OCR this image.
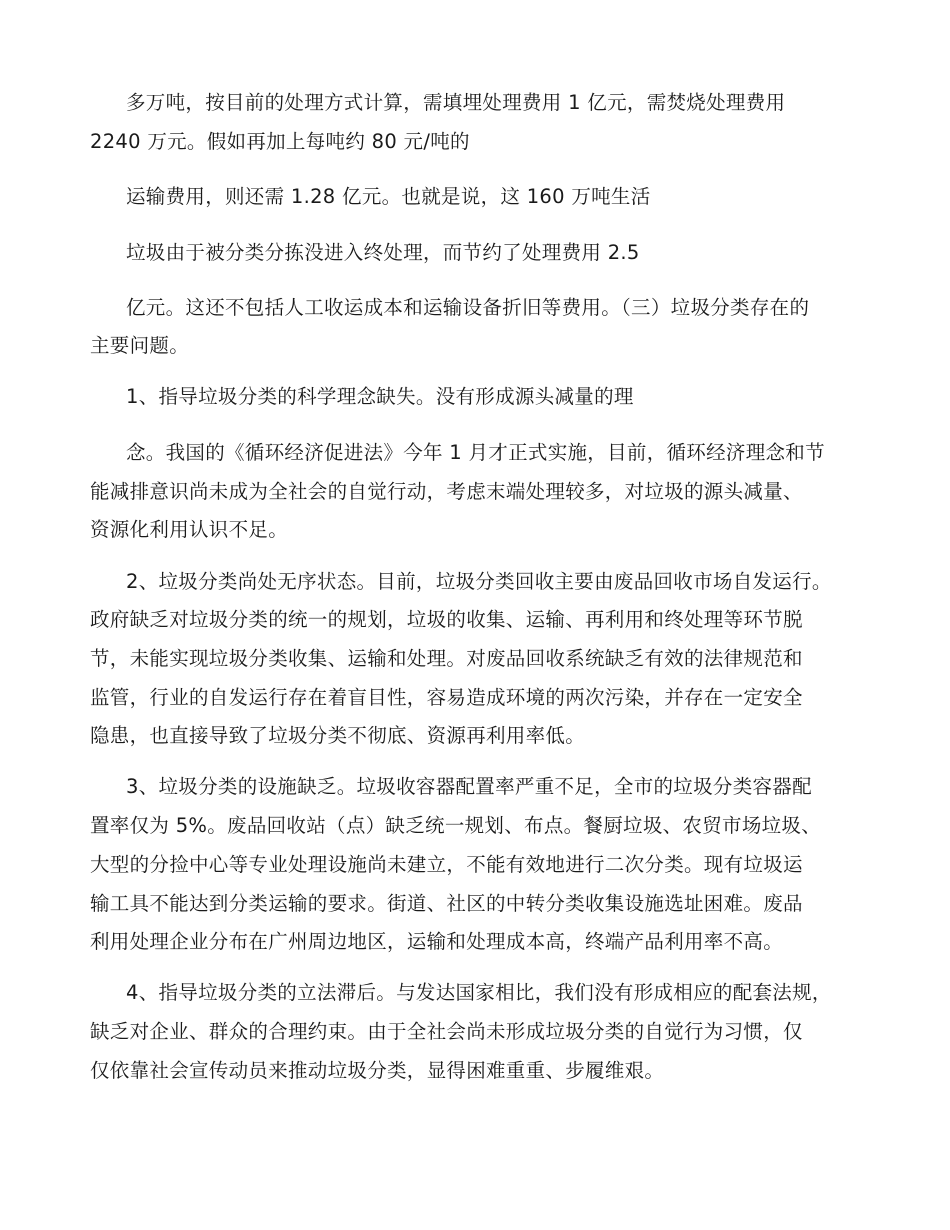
多万吨，按目前的处理方式计算，需填埋处理费用 1 亿元，需焚烧处理费用
2240 万元。假如再加上每吨约 80 元/吨的
运输费用，则还需 1.28 亿元。也就是说，这 160 万吨生活
垃圾由于被分类分拣没进入终处理，而节约了处理费用 2.5
亿元。这还不包括人工收运成本和运输设备折旧等费用。（三）垃圾分类存在的
主要问题。
1、指导垃圾分类的科学理念缺失。没有形成源头减量的理
念。我国的《循环经济促进法》今年 1 月才正式实施，目前，循环经济理念和节
能减排意识尚未成为全社会的自觉行动，考虑末端处理较多，对垃圾的源头减量、
资源化利用认识不足。
2、垃圾分类尚处无序状态。目前，垃圾分类回收主要由废品回收市场自发运行。
政府缺乏对垃圾分类的统一的规划，垃圾的收集、运输、再利用和终处理等环节脱
节，未能实现垃圾分类收集、运输和处理。对废品回收系统缺乏有效的法律规范和
监管，行业的自发运行存在着盲目性，容易造成环境的两次污染，并存在一定安全
隐患，也直接导致了垃圾分类不彻底、资源再利用率低。
3、垃圾分类的设施缺乏。垃圾收容器配置率严重不足，全市的垃圾分类容器配
置率仅为 5%。废品回收站（点）缺乏统一规划、布点。餐厨垃圾、农贸市场垃圾、
大型的分捡中心等专业处理设施尚未建立，不能有效地进行二次分类。现有垃圾运
输工具不能达到分类运输的要求。街道、社区的中转分类收集设施选址困难。废品
利用处理企业分布在广州周边地区，运输和处理成本高，终端产品利用率不高。
4、指导垃圾分类的立法滞后。与发达国家相比，我们没有形成相应的配套法规，
缺乏对企业、群众的合理约束。由于全社会尚未形成垃圾分类的自觉行为习惯，仅
仅依靠社会宣传动员来推动垃圾分类，显得困难重重、步履维艰。
